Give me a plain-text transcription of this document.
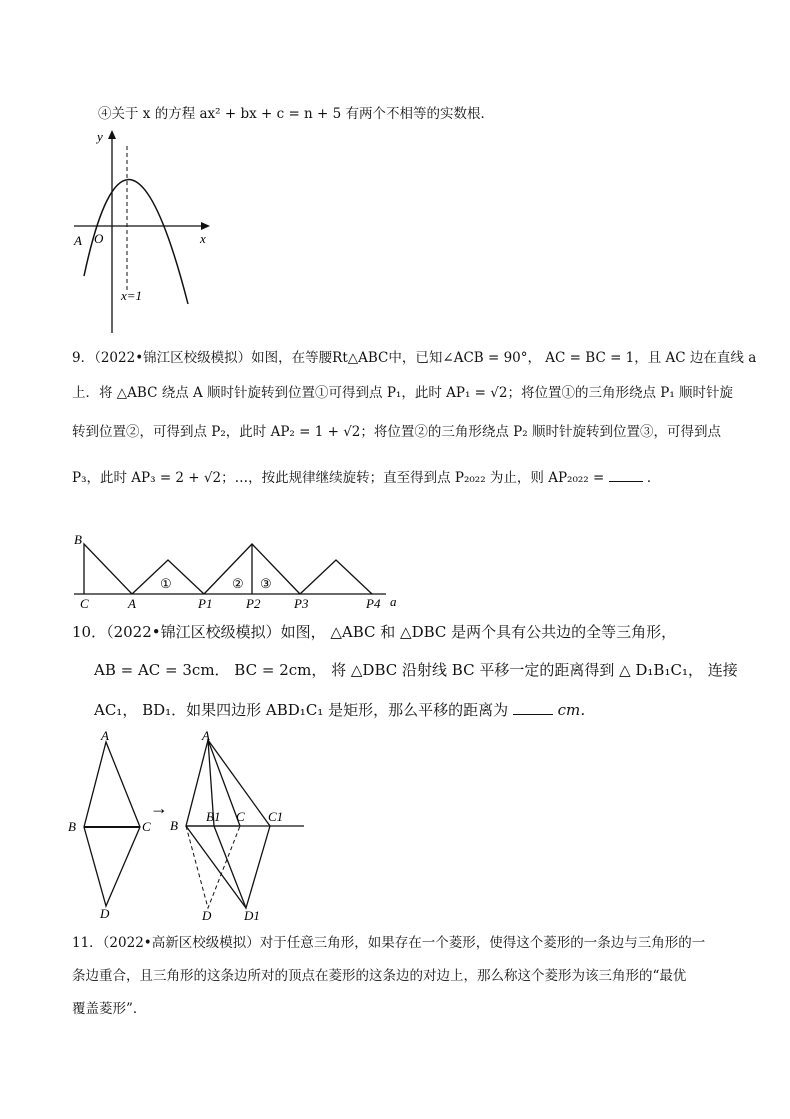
④关于 x 的方程 ax² + bx + c = n + 5 有两个不相等的实数根．
y
x
O
A
x=1
9．（2022•锦江区校级模拟）如图，在等腰Rt△ABC中，已知∠ACB = 90°， AC = BC = 1，且 AC 边在直线 a
上．将 △ABC 绕点 A 顺时针旋转到位置①可得到点 P₁，此时 AP₁ = √2；将位置①的三角形绕点 P₁ 顺时针旋
转到位置②，可得到点 P₂，此时 AP₂ = 1 + √2；将位置②的三角形绕点 P₂ 顺时针旋转到位置③，可得到点
P₃，此时 AP₃ = 2 + √2；…，按此规律继续旋转；直至得到点 P₂₀₂₂ 为止，则 AP₂₀₂₂ =	．
B
C	A	P1	P2	P3	P4 a
①	② ③
10．（2022•锦江区校级模拟）如图， △ABC 和 △DBC 是两个具有公共边的全等三角形，
AB = AC = 3cm． BC = 2cm， 将 △DBC 沿射线 BC 平移一定的距离得到 △ D₁B₁C₁， 连接
AC₁， BD₁．如果四边形 ABD₁C₁ 是矩形，那么平移的距离为	cm．
A
B	C
D
→
A
B
B1 C C1
D	D1
11．（2022•高新区校级模拟）对于任意三角形，如果存在一个菱形，使得这个菱形的一条边与三角形的一
条边重合，且三角形的这条边所对的顶点在菱形的这条边的对边上，那么称这个菱形为该三角形的“最优
覆盖菱形”．
